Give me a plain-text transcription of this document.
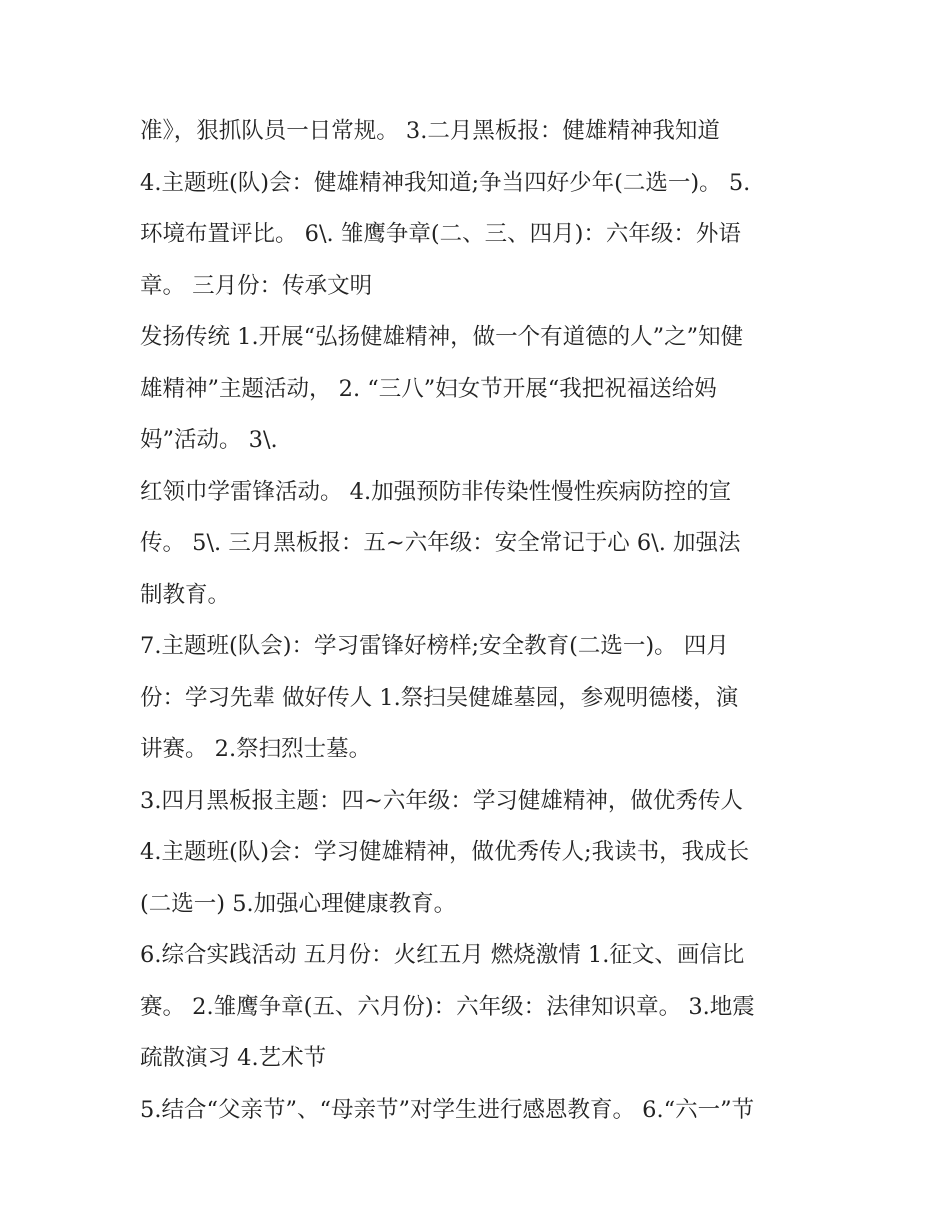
准》，狠抓队员一日常规。 3.二月黑板报：健雄精神我知道
4.主题班(队)会：健雄精神我知道;争当四好少年(二选一)。 5.
环境布置评比。 6\. 雏鹰争章(二、三、四月)：六年级：外语
章。 三月份：传承文明
发扬传统 1.开展“弘扬健雄精神，做一个有道德的人”之”知健
雄精神”主题活动， 2. “三八”妇女节开展“我把祝福送给妈
妈”活动。 3\.
红领巾学雷锋活动。 4.加强预防非传染性慢性疾病防控的宣
传。 5\. 三月黑板报：五~六年级：安全常记于心 6\. 加强法
制教育。
7.主题班(队会)：学习雷锋好榜样;安全教育(二选一)。 四月
份：学习先辈 做好传人 1.祭扫吴健雄墓园，参观明德楼，演
讲赛。 2.祭扫烈士墓。
3.四月黑板报主题：四~六年级：学习健雄精神，做优秀传人
4.主题班(队)会：学习健雄精神，做优秀传人;我读书，我成长
(二选一) 5.加强心理健康教育。
6.综合实践活动 五月份：火红五月 燃烧激情 1.征文、画信比
赛。 2.雏鹰争章(五、六月份)：六年级：法律知识章。 3.地震
疏散演习 4.艺术节
5.结合“父亲节”、“母亲节”对学生进行感恩教育。 6.“六一”节
